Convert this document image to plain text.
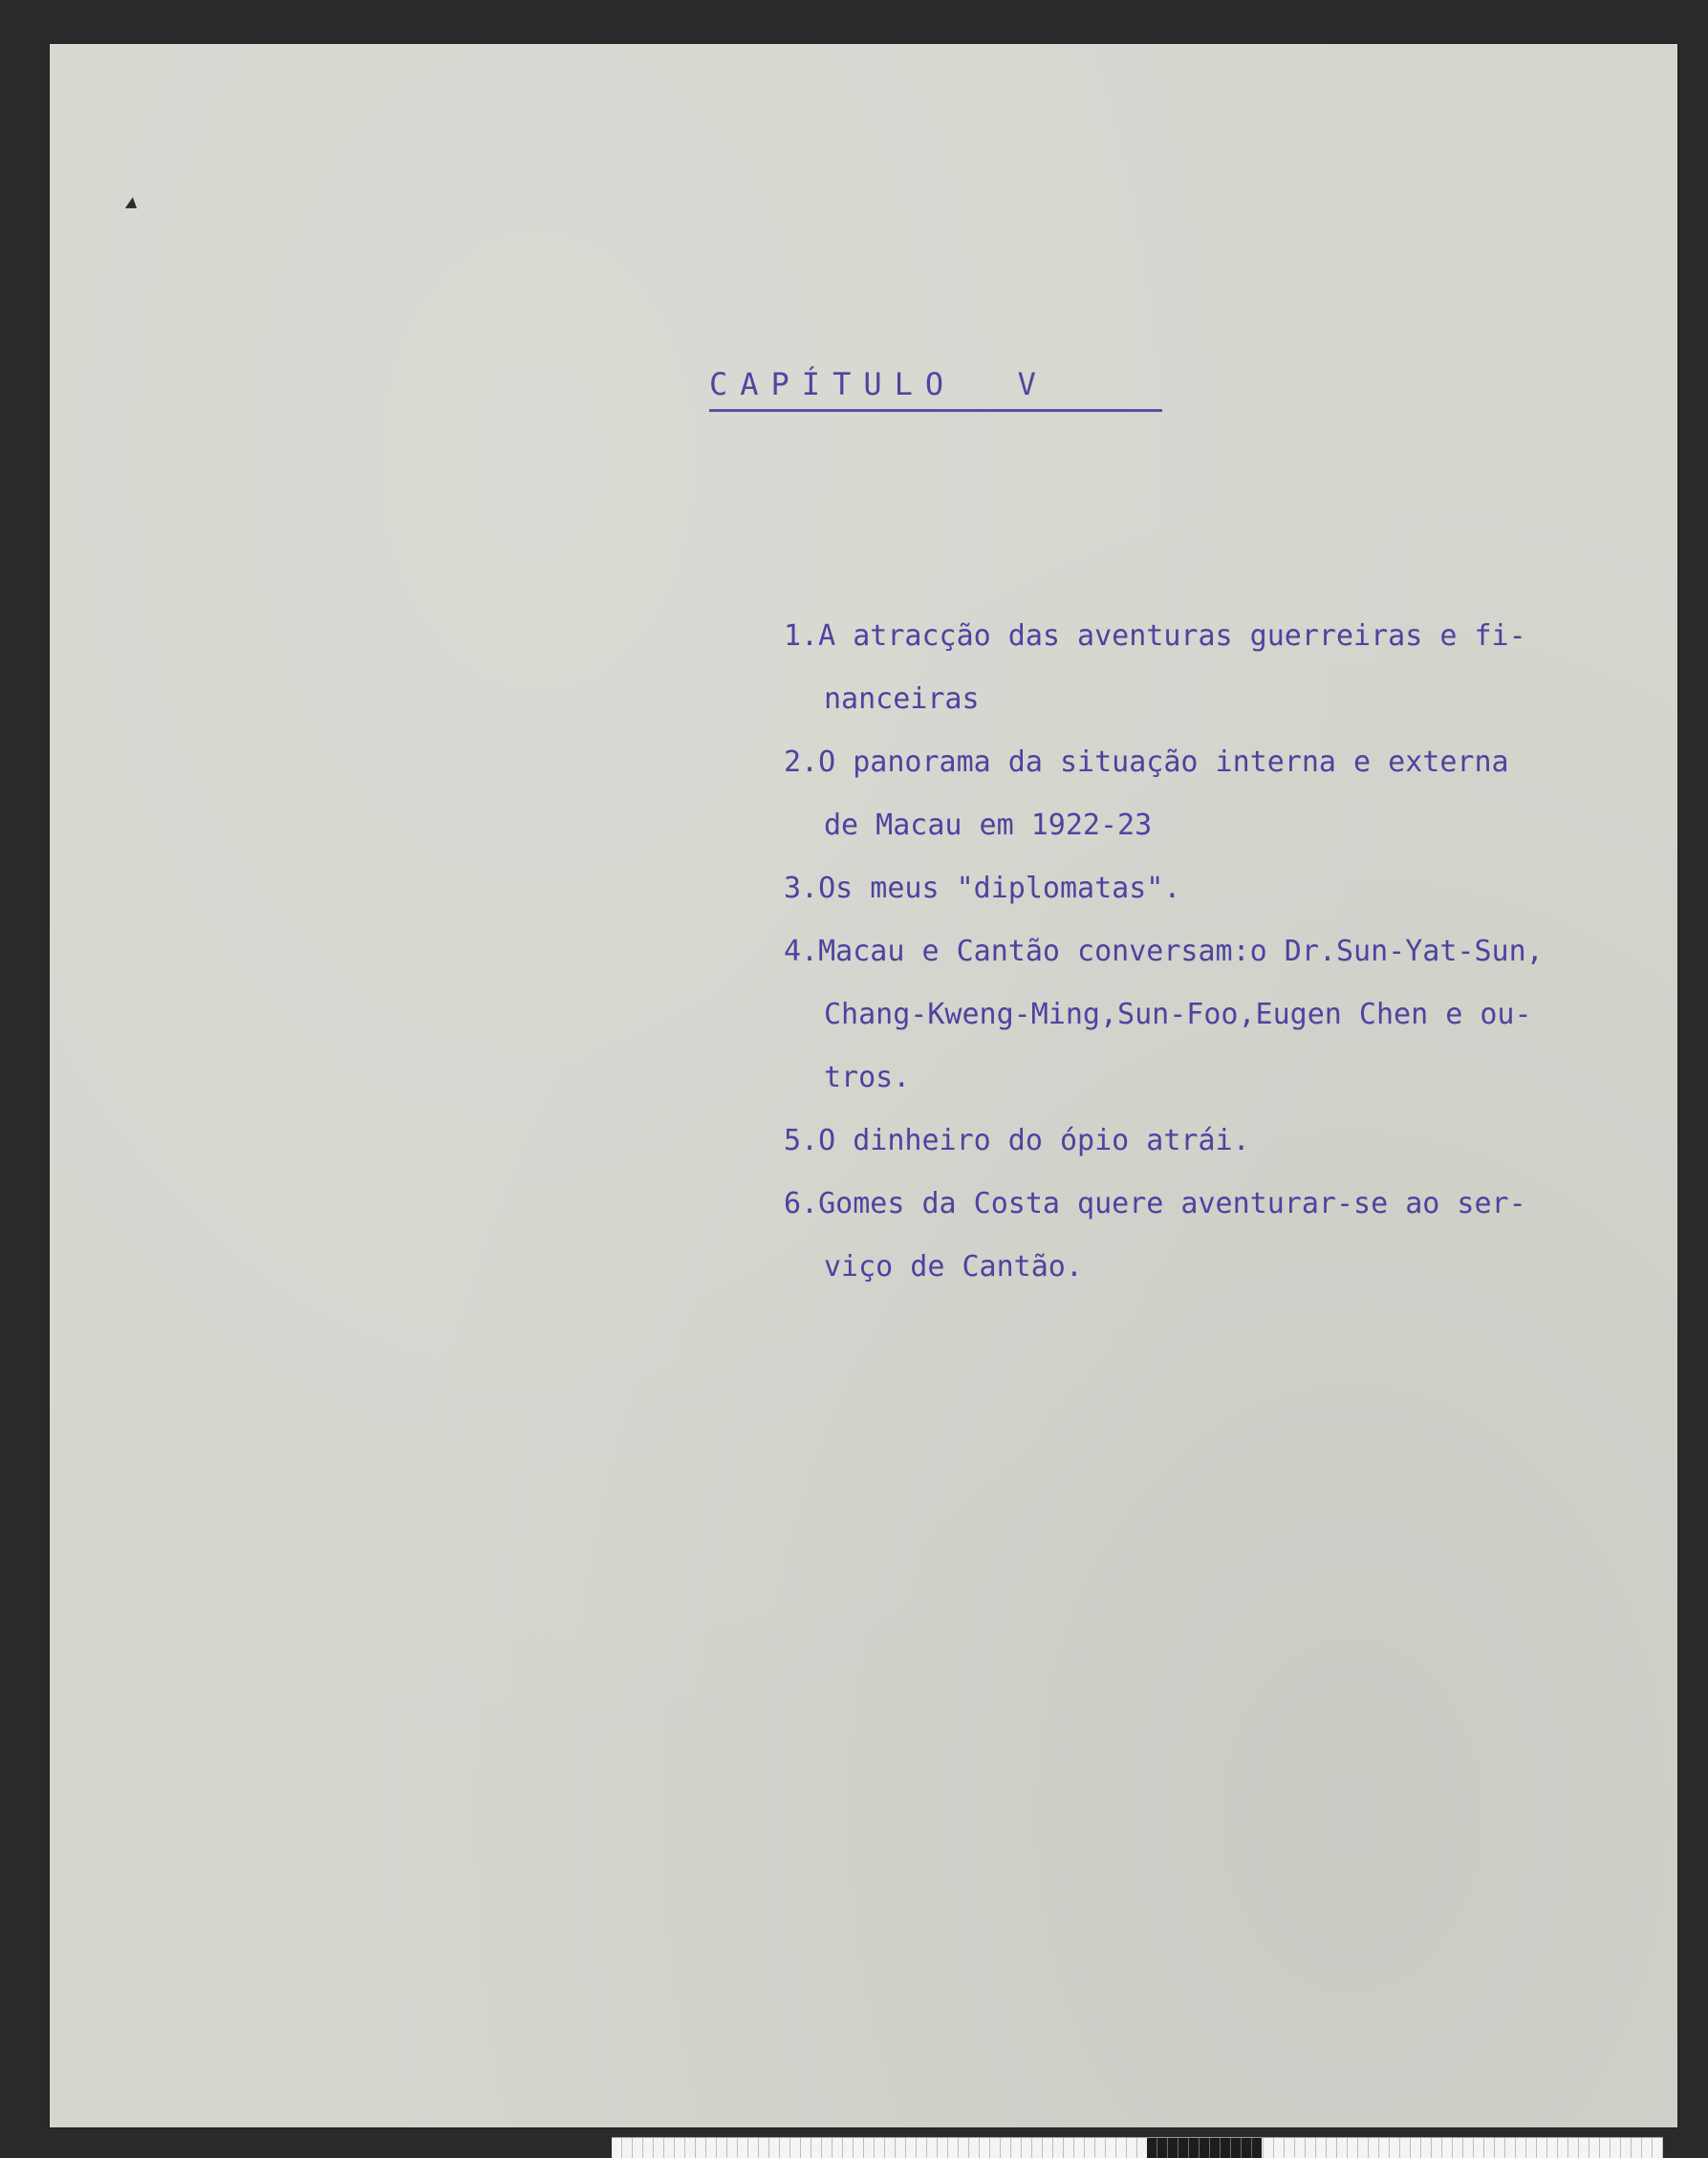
CAPÍTULO  V
1.A atracção das aventuras guerreiras e fi-
nanceiras
2.O panorama da situação interna e externa
de Macau em 1922-23
3.Os meus "diplomatas".
4.Macau e Cantão conversam:o Dr.Sun-Yat-Sun,
Chang-Kweng-Ming,Sun-Foo,Eugen Chen e ou-
tros.
5.O dinheiro do ópio atrái.
6.Gomes da Costa quere aventurar-se ao ser-
viço de Cantão.
